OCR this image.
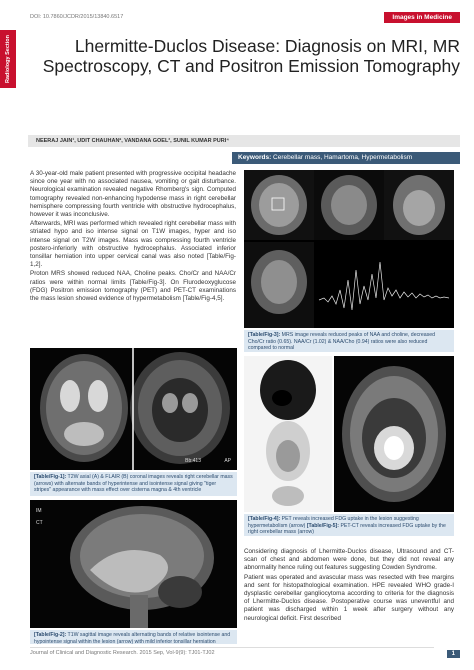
DOI: 10.7860/JCDR/2015/13840.6517	Images in Medicine
Radiology Section	Lhermitte-Duclos Disease: Diagnosis on MRI, MR Spectroscopy, CT and Positron Emission Tomography
NEERAJ JAIN¹, UDIT CHAUHAN², VANDANA GOEL³, SUNIL KUMAR PURI⁴
Keywords: Cerebellar mass, Hamartoma, Hypermetabolism

A 30-year-old male patient presented with progressive occipital headache since one year with no associated nausea, vomiting or gait disturbance. Neurological examination revealed negative Rhomberg's sign. Computed tomography revealed non-enhancing hypodense mass in right cerebellar hemisphere compressing fourth ventricle with obstructive hydrocephalus, however it was inconclusive.

Afterwards, MRI was performed which revealed right cerebellar mass with striated hypo and iso intense signal on T1W images, hyper and iso intense signal on T2W images. Mass was compressing fourth ventricle postero-inferiorly with obstructive hydrocephalus. Associated inferior tonsillar herniation into upper cervical canal was also noted [Table/Fig-1,2].

Proton MRS showed reduced NAA, Choline peaks. Cho/Cr and NAA/Cr ratios were within normal limits [Table/Fig-3]. On Flurodeoxyglucose (FDG) Positron emission tomography (PET) and PET-CT examinations the mass lesion showed evidence of hypermetabolism [Table/Fig-4,5].

Bb:413	AP
[Table/Fig-1]: T2W axial (A) & FLAIR (B) coronal images reveals right cerebellar mass (arrows) with alternate bands of hyperintense and isointense signal giving "tiger stripes" appearance with mass effect over cisterna magna & 4th ventricle
IM
CT
[Table/Fig-2]: T1W sagittal image reveals alternating bands of relative isointense and hypointense signal within the lesion (arrow) with mild inferior tonsillar herniation
[Table/Fig-3]: MRS image reveals reduced peaks of NAA and choline, decreased Cho/Cr ratio (0.65). NAA/Cr (1.02) & NAA/Cho (0.94) ratios were also reduced compared to normal
[Table/Fig-4]: PET reveals increased FDG uptake in the lesion suggesting hypermetabolism (arrow) [Table/Fig-5]: PET-CT reveals increased FDG uptake by the right cerebellar mass (arrow)

Considering diagnosis of Lhermitte-Duclos disease, Ultrasound and CT-scan of chest and abdomen were done, but they did not reveal any abnormality hence ruling out features suggesting Cowden Syndrome.

Patient was operated and avascular mass was resected with free margins and sent for histopathological examination. HPE revealed WHO grade-I dysplastic cerebellar gangliocytoma according to criteria for the diagnosis of Lhermitte-Duclos disease. Postoperative course was uneventful and patient was discharged within 1 week after surgery without any neurological deficit. First described

Journal of Clinical and Diagnostic Research. 2015 Sep, Vol-9(9): TJ01-TJ02	1
